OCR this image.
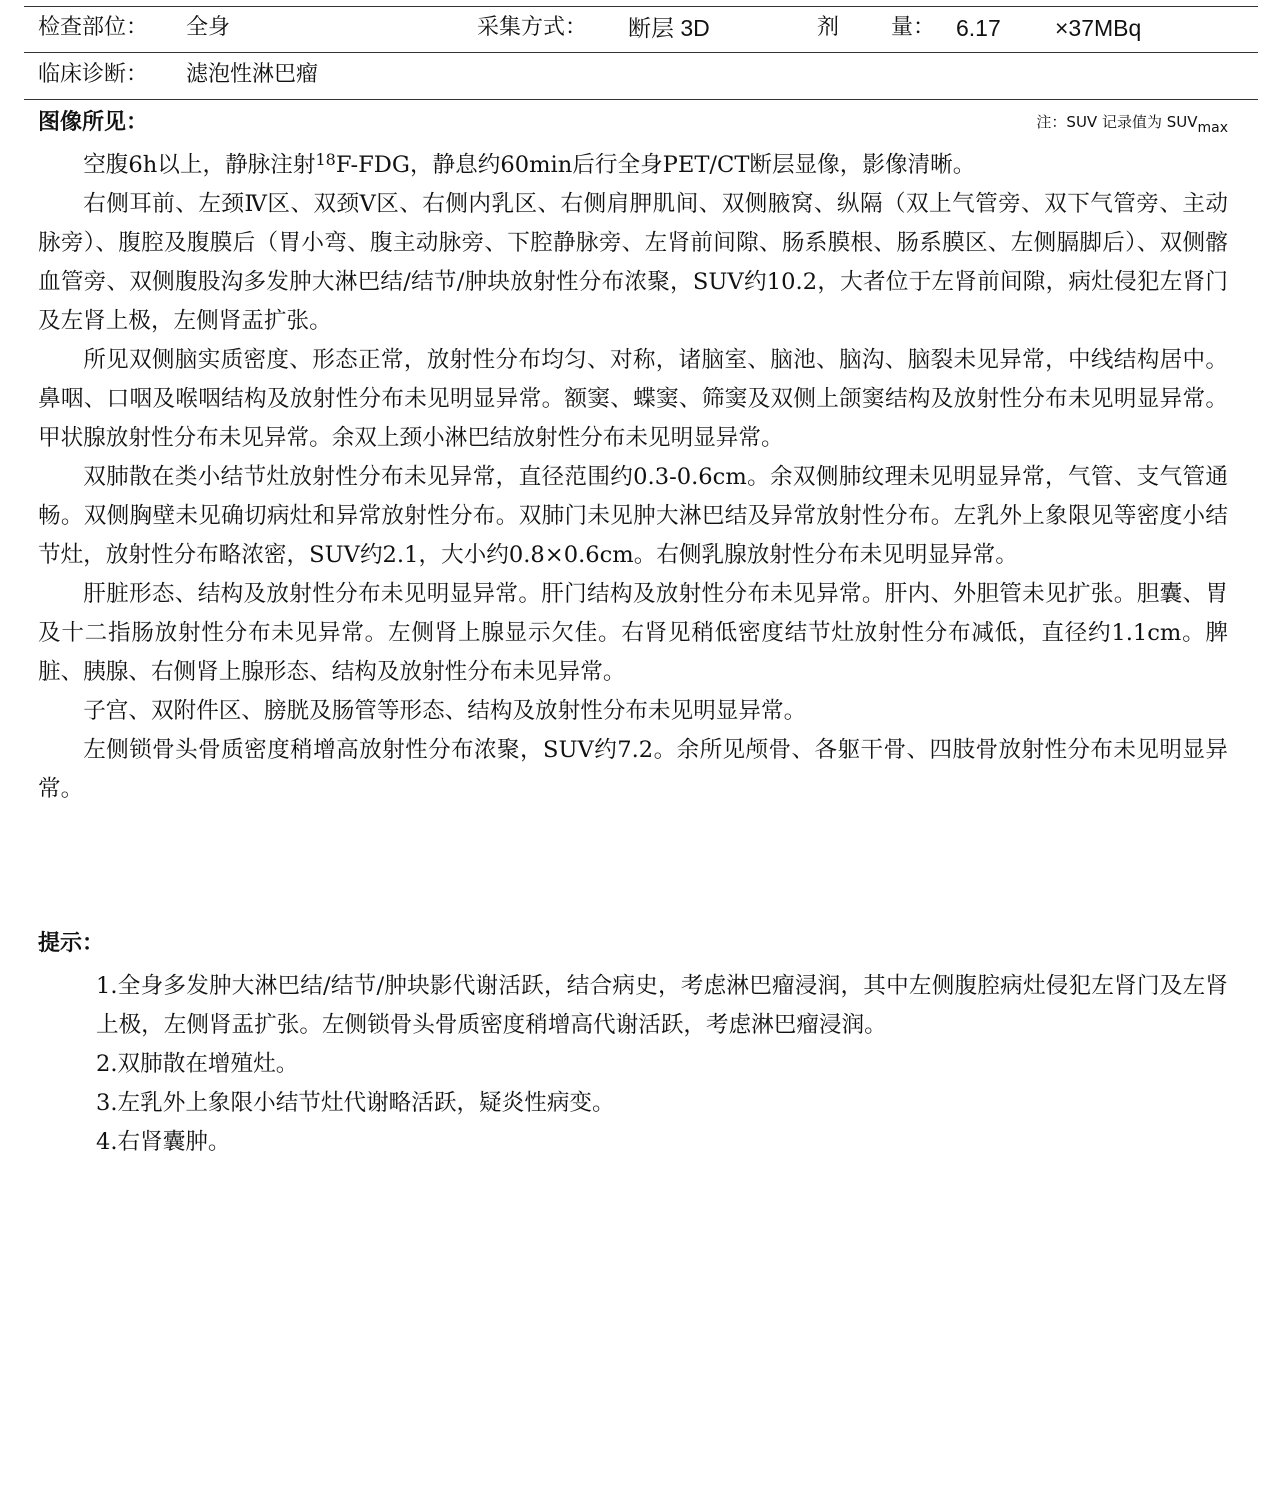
检查部位： 全身	采集方式： 断层 3D	剂 量： 6.17 ×37MBq
临床诊断： 滤泡性淋巴瘤
图像所见：	注：SUV 记录值为 $SUV_{max}$

空腹6h以上，静脉注射$^{18}$F-FDG，静息约60min后行全身PET/CT断层显像，影像清晰。

右侧耳前、左颈Ⅳ区、双颈Ⅴ区、右侧内乳区、右侧肩胛肌间、双侧腋窝、纵隔（双上气管旁、双下气管旁、主动脉旁）、腹腔及腹膜后（胃小弯、腹主动脉旁、下腔静脉旁、左肾前间隙、肠系膜根、肠系膜区、左侧膈脚后）、双侧髂血管旁、双侧腹股沟多发肿大淋巴结/结节/肿块放射性分布浓聚，SUV约10.2，大者位于左肾前间隙，病灶侵犯左肾门及左肾上极，左侧肾盂扩张。

所见双侧脑实质密度、形态正常，放射性分布均匀、对称，诸脑室、脑池、脑沟、脑裂未见异常，中线结构居中。鼻咽、口咽及喉咽结构及放射性分布未见明显异常。额窦、蝶窦、筛窦及双侧上颌窦结构及放射性分布未见明显异常。甲状腺放射性分布未见异常。余双上颈小淋巴结放射性分布未见明显异常。

双肺散在类小结节灶放射性分布未见异常，直径范围约0.3-0.6cm。余双侧肺纹理未见明显异常，气管、支气管通畅。双侧胸壁未见确切病灶和异常放射性分布。双肺门未见肿大淋巴结及异常放射性分布。左乳外上象限见等密度小结节灶，放射性分布略浓密，SUV约2.1，大小约0.8×0.6cm。右侧乳腺放射性分布未见明显异常。

肝脏形态、结构及放射性分布未见明显异常。肝门结构及放射性分布未见异常。肝内、外胆管未见扩张。胆囊、胃及十二指肠放射性分布未见异常。左侧肾上腺显示欠佳。右肾见稍低密度结节灶放射性分布减低，直径约1.1cm。脾脏、胰腺、右侧肾上腺形态、结构及放射性分布未见异常。

子宫、双附件区、膀胱及肠管等形态、结构及放射性分布未见明显异常。

左侧锁骨头骨质密度稍增高放射性分布浓聚，SUV约7.2。余所见颅骨、各躯干骨、四肢骨放射性分布未见明显异常。

提示：

1.全身多发肿大淋巴结/结节/肿块影代谢活跃，结合病史，考虑淋巴瘤浸润，其中左侧腹腔病灶侵犯左肾门及左肾上极，左侧肾盂扩张。左侧锁骨头骨质密度稍增高代谢活跃，考虑淋巴瘤浸润。

2.双肺散在增殖灶。

3.左乳外上象限小结节灶代谢略活跃，疑炎性病变。

4.右肾囊肿。
